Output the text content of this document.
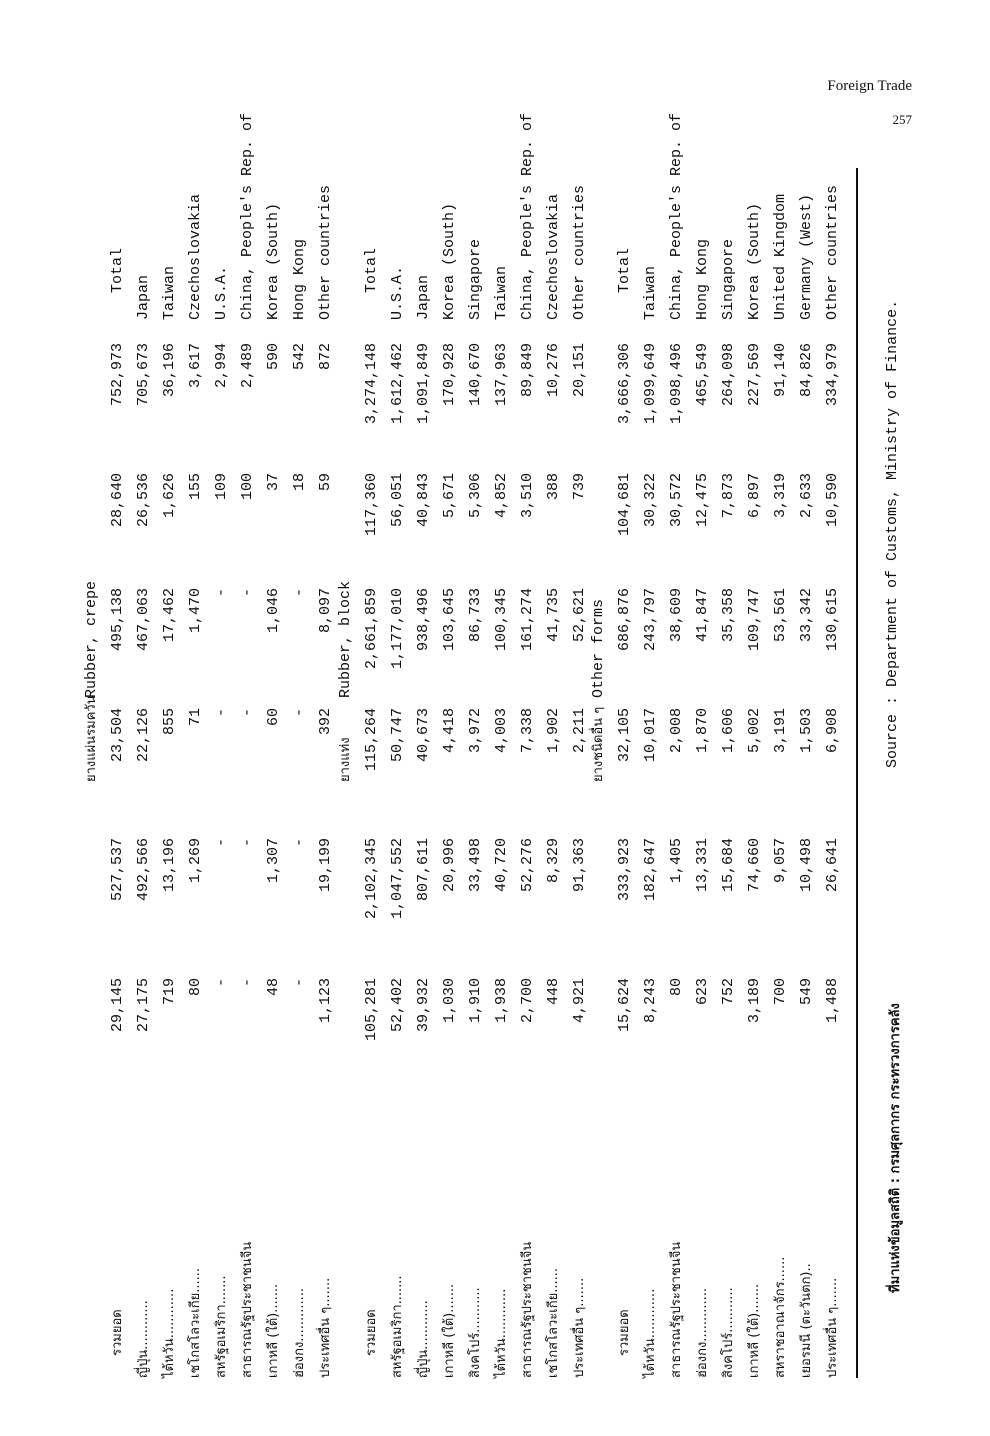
Foreign Trade
257
ที่มาแห่งข้อมูลสถิติ : กรมศุลกากร กระทรวงการคลัง
Source : Department of Customs, Ministry of Finance.
ยางแผ่นรมควัน
Rubber, crepe
รวมยอด
29,145
527,537
23,504
495,138
28,640
752,973
Total
ญี่ปุ่น............
27,175
492,566
22,126
467,063
26,536
705,673
Japan
ไต้หวัน............
719
13,196
855
17,462
1,626
36,196
Taiwan
เชโกสโลวะเกีย......
80
1,269
71
1,470
155
3,617
Czechoslovakia
สหรัฐอเมริกา.......
-
-
-
-
109
2,994
U.S.A.
สาธารณรัฐประชาชนจีน
-
-
-
-
100
2,489
China, People's Rep. of
เกาหลี (ใต้).......
48
1,307
60
1,046
37
590
Korea (South)
ฮ่องกง.............
-
-
-
-
18
542
Hong Kong
ประเทศอื่น ๆ.......
1,123
19,199
392
8,097
59
872
Other countries
ยางแท่ง
Rubber, block
รวมยอด
105,281
2,102,345
115,264
2,661,859
117,360
3,274,148
Total
สหรัฐอเมริกา.......
52,402
1,047,552
50,747
1,177,010
56,051
1,612,462
U.S.A.
ญี่ปุ่น............
39,932
807,611
40,673
938,496
40,843
1,091,849
Japan
เกาหลี (ใต้).......
1,030
20,996
4,418
103,645
5,671
170,928
Korea (South)
สิงคโปร์...........
1,910
33,498
3,972
86,733
5,306
140,670
Singapore
ไต้หวัน............
1,938
40,720
4,003
100,345
4,852
137,963
Taiwan
สาธารณรัฐประชาชนจีน
2,700
52,276
7,338
161,274
3,510
89,849
China, People's Rep. of
เชโกสโลวะเกีย......
448
8,329
1,902
41,735
388
10,276
Czechoslovakia
ประเทศอื่น ๆ.......
4,921
91,363
2,211
52,621
739
20,151
Other countries
ยางชนิดอื่น ๆ
Other forms
รวมยอด
15,624
333,923
32,105
686,876
104,681
3,666,306
Total
ไต้หวัน............
8,243
182,647
10,017
243,797
30,322
1,099,649
Taiwan
สาธารณรัฐประชาชนจีน
80
1,405
2,008
38,609
30,572
1,098,496
China, People's Rep. of
ฮ่องกง.............
623
13,331
1,870
41,847
12,475
465,549
Hong Kong
สิงคโปร์...........
752
15,684
1,606
35,358
7,873
264,098
Singapore
เกาหลี (ใต้).......
3,189
74,660
5,002
109,747
6,897
227,569
Korea (South)
สหราชอาณาจักร......
700
9,057
3,191
53,561
3,319
91,140
United Kingdom
เยอรมนี (ตะวันตก)..
549
10,498
1,503
33,342
2,633
84,826
Germany (West)
ประเทศอื่น ๆ.......
1,488
26,641
6,908
130,615
10,590
334,979
Other countries
